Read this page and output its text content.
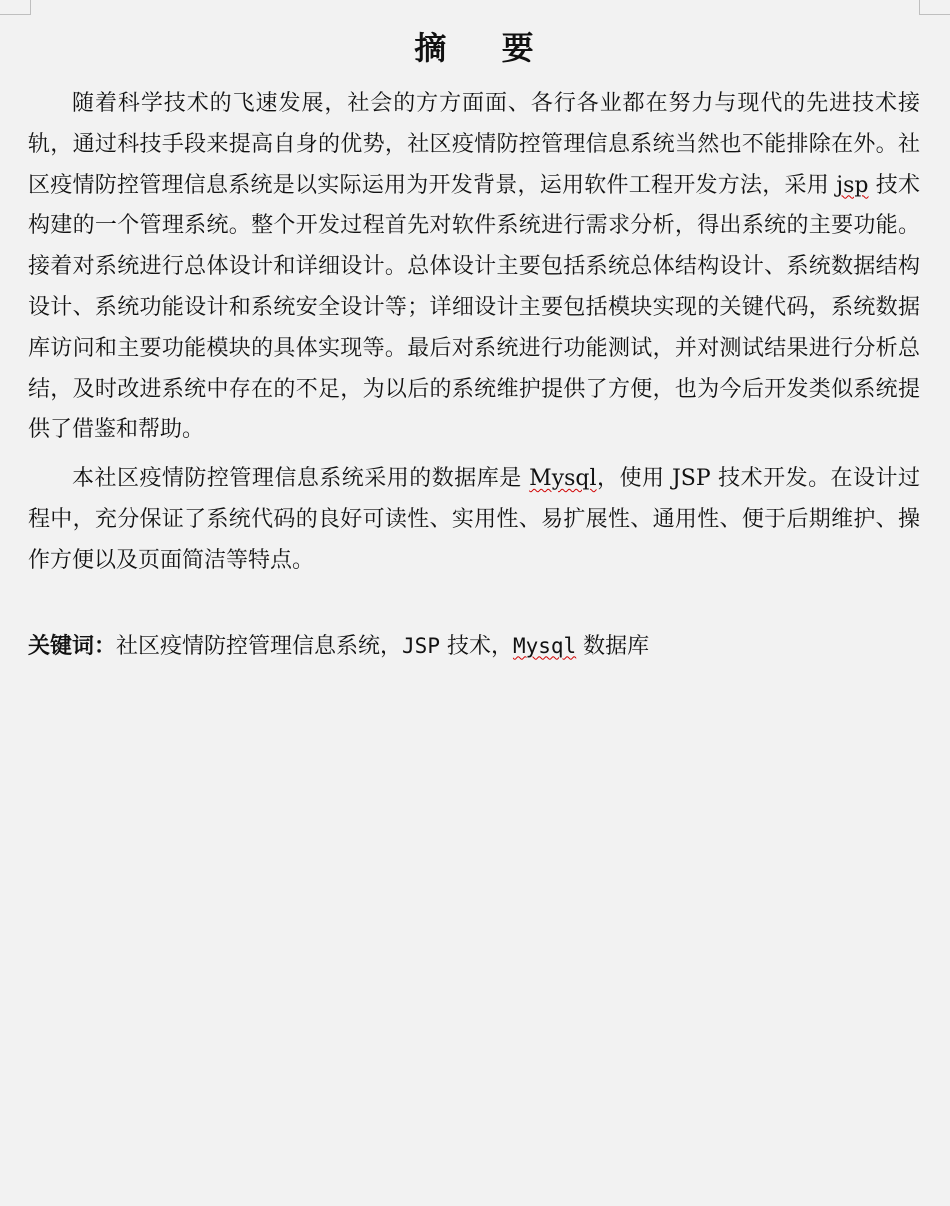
摘 要

随着科学技术的飞速发展，社会的方方面面、各行各业都在努力与现代的先进技术接轨，通过科技手段来提高自身的优势，社区疫情防控管理信息系统当然也不能排除在外。社区疫情防控管理信息系统是以实际运用为开发背景，运用软件工程开发方法，采用 jsp 技术构建的一个管理系统。整个开发过程首先对软件系统进行需求分析，得出系统的主要功能。接着对系统进行总体设计和详细设计。总体设计主要包括系统总体结构设计、系统数据结构设计、系统功能设计和系统安全设计等；详细设计主要包括模块实现的关键代码，系统数据库访问和主要功能模块的具体实现等。最后对系统进行功能测试，并对测试结果进行分析总结，及时改进系统中存在的不足，为以后的系统维护提供了方便，也为今后开发类似系统提供了借鉴和帮助。

本社区疫情防控管理信息系统采用的数据库是 Mysql，使用 JSP 技术开发。在设计过程中，充分保证了系统代码的良好可读性、实用性、易扩展性、通用性、便于后期维护、操作方便以及页面简洁等特点。

关键词：社区疫情防控管理信息系统，JSP 技术，Mysql 数据库
